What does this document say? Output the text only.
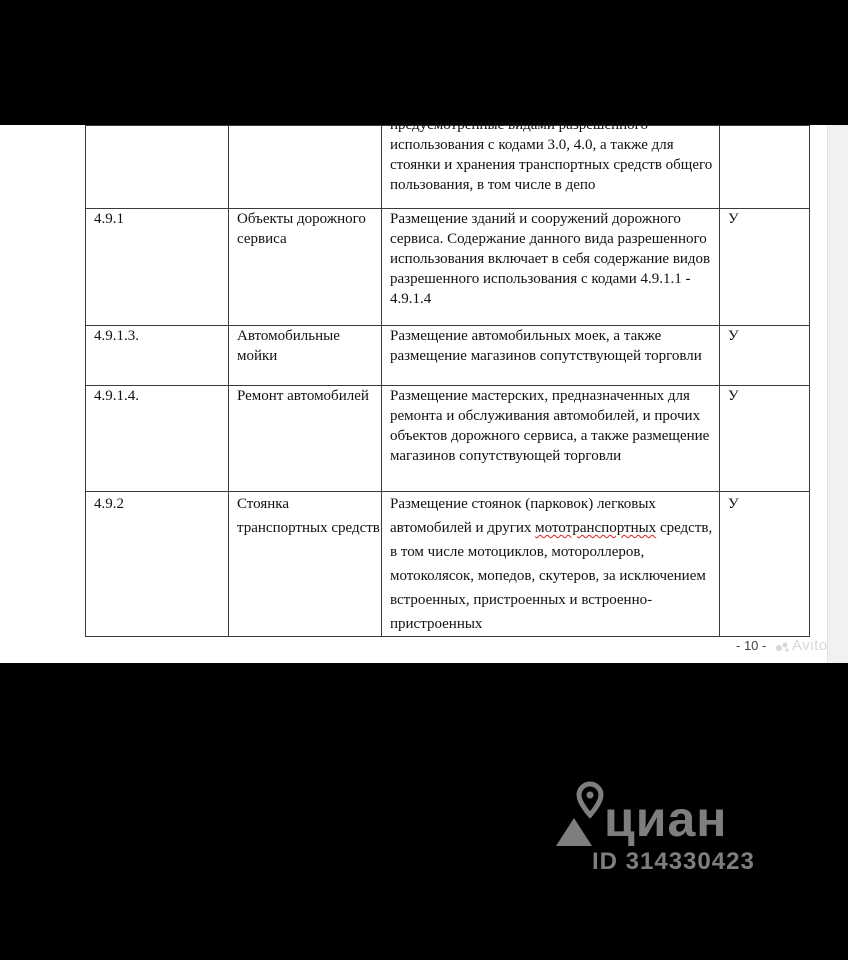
		предусмотренные видами разрешенного
использования с кодами 3.0, 4.0, а также для стоянки и хранения транспортных средств общего пользования, в том числе в депо	
4.9.1	Объекты дорожного сервиса	Размещение зданий и сооружений дорожного сервиса. Содержание данного вида разрешенного использования включает в себя содержание видов разрешенного использования с кодами 4.9.1.1 - 4.9.1.4	У
4.9.1.3.	Автомобильные мойки	Размещение автомобильных моек, а также размещение магазинов сопутствующей торговли	У
4.9.1.4.	Ремонт автомобилей	Размещение мастерских, предназначенных для ремонта и обслуживания автомобилей, и прочих объектов дорожного сервиса, а также размещение магазинов сопутствующей торговли	У
4.9.2	Стоянка транспортных средств	Размещение стоянок (парковок) легковых автомобилей и других мототранспортных средств, в том числе мотоциклов, мотороллеров, мотоколясок, мопедов, скутеров, за исключением встроенных, пристроенных и встроенно-пристроенных	У
- 10 - Avito
циан
ID 314330423
